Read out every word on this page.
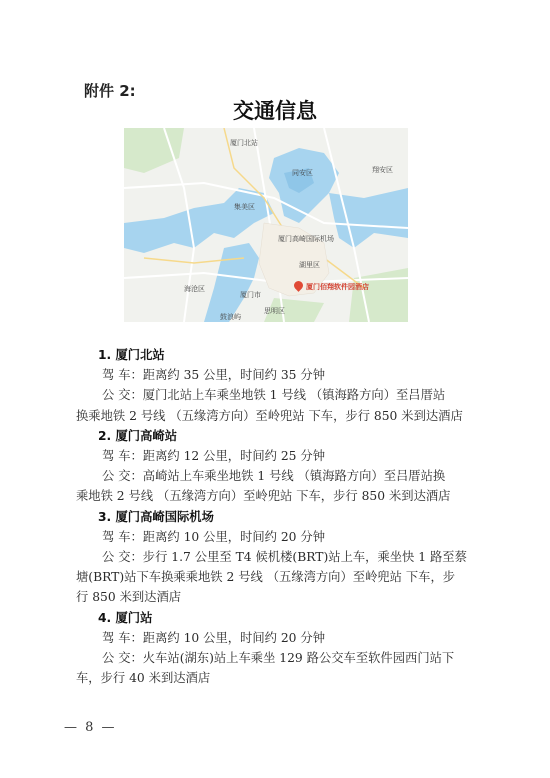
附件 2:
交通信息
厦门北站
同安区	翔安区
集美区
厦门高崎国际机场
湖里区
海沧区
厦门市
思明区
鼓浪屿
厦门佰翔软件园酒店

1. 厦门北站

驾 车：距离约 35 公里，时间约 35 分钟

公 交：厦门北站上车乘坐地铁 1 号线 （镇海路方向）至吕厝站

换乘地铁 2 号线 （五缘湾方向）至岭兜站 下车，步行 850 米到达酒店

2. 厦门高崎站

驾 车：距离约 12 公里，时间约 25 分钟

公 交：高崎站上车乘坐地铁 1 号线 （镇海路方向）至吕厝站换

乘地铁 2 号线 （五缘湾方向）至岭兜站 下车，步行 850 米到达酒店

3. 厦门高崎国际机场

驾 车：距离约 10 公里，时间约 20 分钟

公 交：步行 1.7 公里至 T4 候机楼(BRT)站上车，乘坐快 1 路至蔡

塘(BRT)站下车换乘乘地铁 2 号线 （五缘湾方向）至岭兜站 下车，步

行 850 米到达酒店

4. 厦门站

驾 车：距离约 10 公里，时间约 20 分钟

公 交：火车站(湖东)站上车乘坐 129 路公交车至软件园西门站下

车，步行 40 米到达酒店

— 8 —
